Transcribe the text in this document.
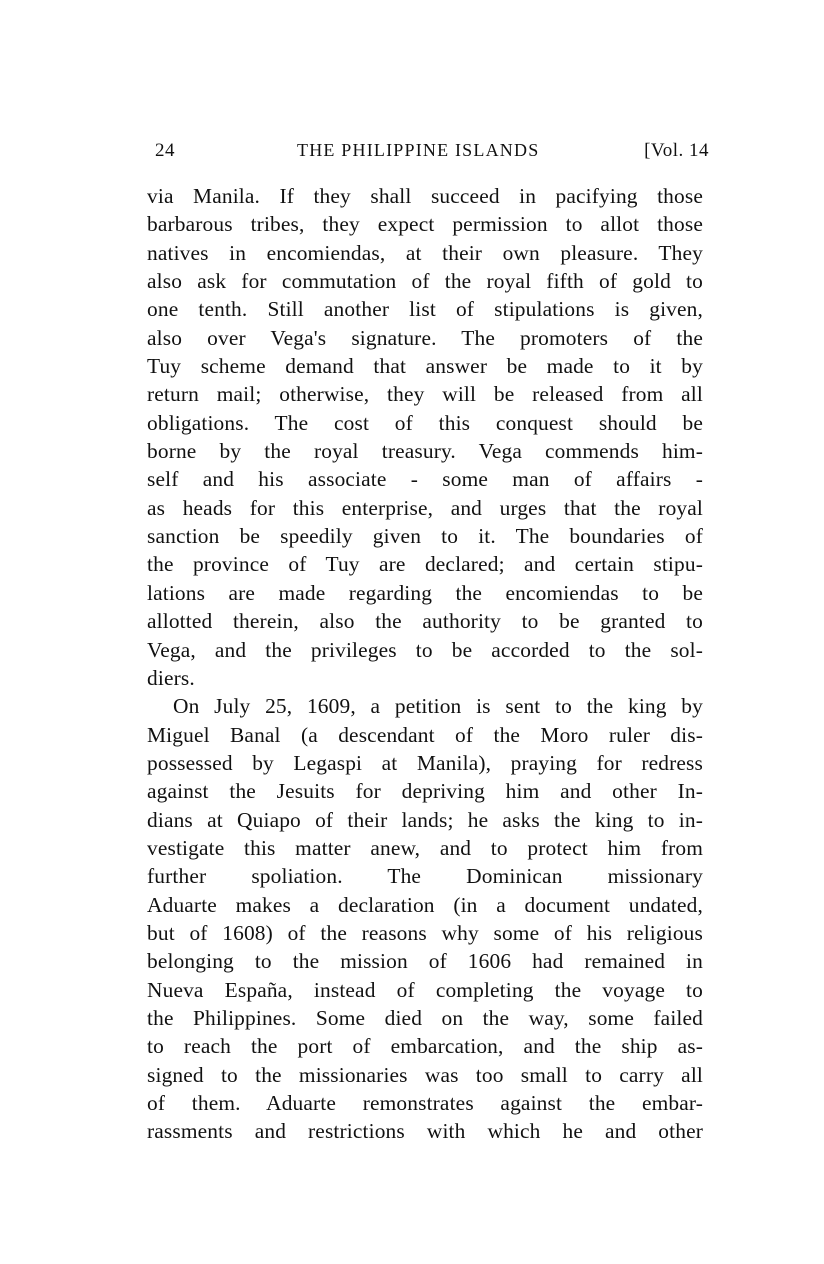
24	THE PHILIPPINE ISLANDS	[Vol. 14
via Manila. If they shall succeed in pacifying those
barbarous tribes, they expect permission to allot those
natives in encomiendas, at their own pleasure. They
also ask for commutation of the royal fifth of gold to
one tenth. Still another list of stipulations is given,
also over Vega's signature. The promoters of the
Tuy scheme demand that answer be made to it by
return mail; otherwise, they will be released from all
obligations. The cost of this conquest should be
borne by the royal treasury. Vega commends him-
self and his associate - some man of affairs -
as heads for this enterprise, and urges that the royal
sanction be speedily given to it. The boundaries of
the province of Tuy are declared; and certain stipu-
lations are made regarding the encomiendas to be
allotted therein, also the authority to be granted to
Vega, and the privileges to be accorded to the sol-
diers.
On July 25, 1609, a petition is sent to the king by
Miguel Banal (a descendant of the Moro ruler dis-
possessed by Legaspi at Manila), praying for redress
against the Jesuits for depriving him and other In-
dians at Quiapo of their lands; he asks the king to in-
vestigate this matter anew, and to protect him from
further spoliation. The Dominican missionary
Aduarte makes a declaration (in a document undated,
but of 1608) of the reasons why some of his religious
belonging to the mission of 1606 had remained in
Nueva España, instead of completing the voyage to
the Philippines. Some died on the way, some failed
to reach the port of embarcation, and the ship as-
signed to the missionaries was too small to carry all
of them. Aduarte remonstrates against the embar-
rassments and restrictions with which he and other
